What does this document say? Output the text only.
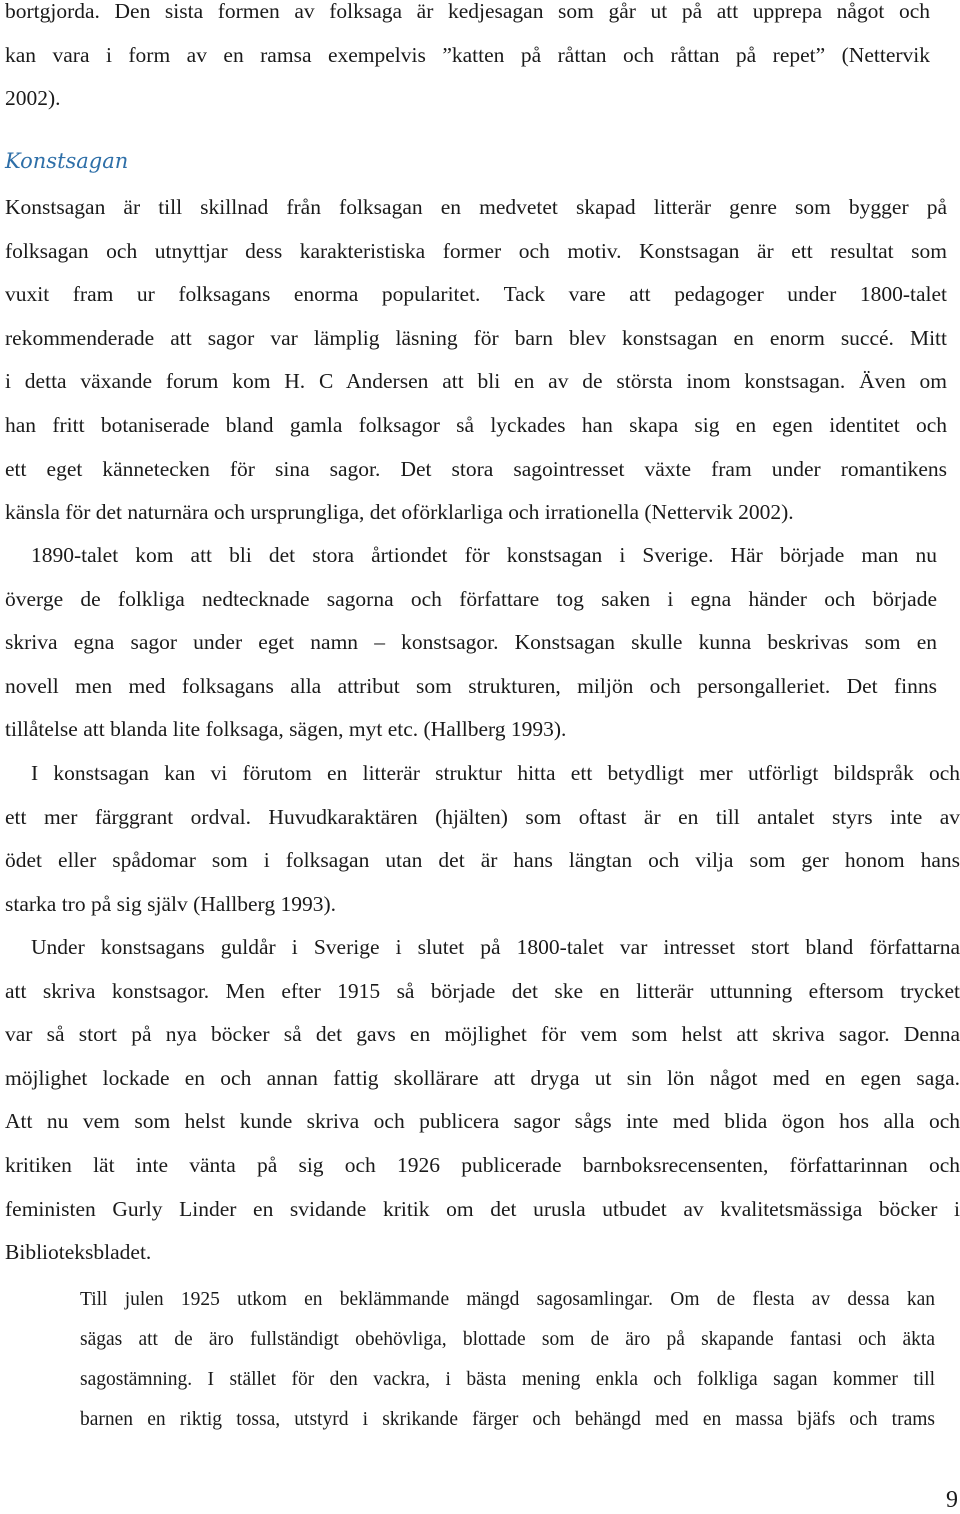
bortgjorda. Den sista formen av folksaga är kedjesagan som går ut på att upprepa något och
kan vara i form av en ramsa exempelvis ”katten på råttan och råttan på repet” (Nettervik
2002).
Konstsagan
Konstsagan är till skillnad från folksagan en medvetet skapad litterär genre som bygger på
folksagan och utnyttjar dess karakteristiska former och motiv. Konstsagan är ett resultat som
vuxit fram ur folksagans enorma popularitet. Tack vare att pedagoger under 1800-talet
rekommenderade att sagor var lämplig läsning för barn blev konstsagan en enorm succé. Mitt
i detta växande forum kom H. C Andersen att bli en av de största inom konstsagan. Även om
han fritt botaniserade bland gamla folksagor så lyckades han skapa sig en egen identitet och
ett eget kännetecken för sina sagor. Det stora sagointresset växte fram under romantikens
känsla för det naturnära och ursprungliga, det oförklarliga och irrationella (Nettervik 2002).
1890-talet kom att bli det stora årtiondet för konstsagan i Sverige. Här började man nu
överge de folkliga nedtecknade sagorna och författare tog saken i egna händer och började
skriva egna sagor under eget namn – konstsagor. Konstsagan skulle kunna beskrivas som en
novell men med folksagans alla attribut som strukturen, miljön och persongalleriet. Det finns
tillåtelse att blanda lite folksaga, sägen, myt etc. (Hallberg 1993).
I konstsagan kan vi förutom en litterär struktur hitta ett betydligt mer utförligt bildspråk och
ett mer färggrant ordval. Huvudkaraktären (hjälten) som oftast är en till antalet styrs inte av
ödet eller spådomar som i folksagan utan det är hans längtan och vilja som ger honom hans
starka tro på sig själv (Hallberg 1993).
Under konstsagans guldår i Sverige i slutet på 1800-talet var intresset stort bland författarna
att skriva konstsagor. Men efter 1915 så började det ske en litterär uttunning eftersom trycket
var så stort på nya böcker så det gavs en möjlighet för vem som helst att skriva sagor. Denna
möjlighet lockade en och annan fattig skollärare att dryga ut sin lön något med en egen saga.
Att nu vem som helst kunde skriva och publicera sagor sågs inte med blida ögon hos alla och
kritiken lät inte vänta på sig och 1926 publicerade barnboksrecensenten, författarinnan och
feministen Gurly Linder en svidande kritik om det urusla utbudet av kvalitetsmässiga böcker i
Biblioteksbladet.
Till julen 1925 utkom en beklämmande mängd sagosamlingar. Om de flesta av dessa kan
sägas att de äro fullständigt obehövliga, blottade som de äro på skapande fantasi och äkta
sagostämning. I stället för den vackra, i bästa mening enkla och folkliga sagan kommer till
barnen en riktig tossa, utstyrd i skrikande färger och behängd med en massa bjäfs och trams

9
